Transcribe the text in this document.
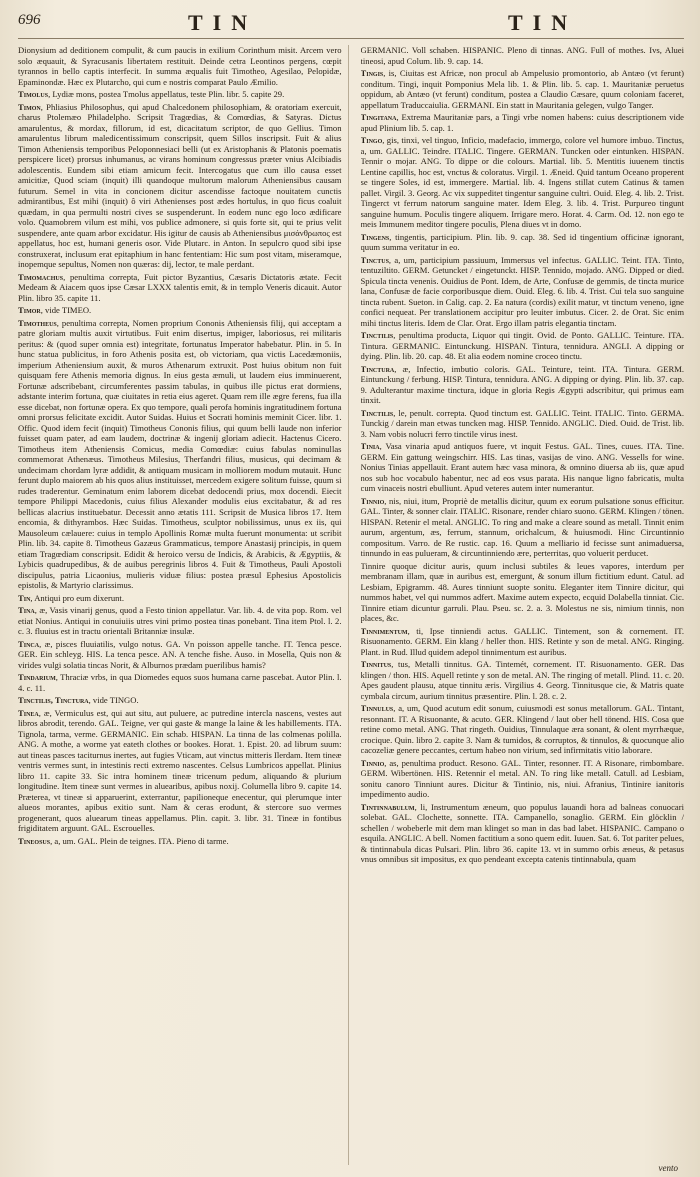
696	TIN	TIN

Dionysium ad deditionem compulit, & cum paucis in exilium Corinthum misit. Arcem vero solo æquauit, & Syracusanis libertatem restituit. Deinde cetra Leontinos pergens, cœpit tyrannos in bello captis interfecit. In summa æqualis fuit Timotheo, Agesilao, Pelopidæ, Epaminondæ. Hæc ex Plutarcho, qui cum e nostris comparat Paulo Æmilio.

Timolus, Lydiæ mons, postea Tmolus appellatus, teste Plin. libr. 5. capite 29.

Timon, Phliasius Philosophus, qui apud Chalcedonem philosophiam, & oratoriam exercuit, charus Ptolemæo Philadelpho. Scripsit Tragœdias, & Comœdias, & Satyras. Dictus amarulentus, & mordax, fillorum, id est, dicacitatum scriptor, de quo Gellius. Timon amarulentus librum maledicentissimum conscripsit, quem Sillos inscripsit. Fuit & alius Timon Atheniensis temporibus Peloponnesiaci belli (ut ex Aristophanis & Platonis poematis perspicere licet) prorsus inhumanus, ac virans hominum congressus præter vnius Alcibiadis adolescentis. Eundem sibi etiam amicum fecit. Intercogatus que cum illo causa esset amicitiæ, Quod sciam (inquit) illi quandoque multorum malorum Atheniensibus causam futurum. Semel in vita in concionem dicitur ascendisse factoque nouitatem cunctis admirantibus, Est mihi (inquit) ô viri Athenienses post ædes hortulus, in quo ficus coaluit quædam, in qua permulti nostri cives se suspenderunt. In eodem nunc ego loco ædificare volo. Quamobrem vilum est mihi, vos publice admonere, si quis forte sit, qui te prius velit suspendere, ante quam arbor excidatur. His igitur de causis ab Atheniensibus μισάνθρωπος est appellatus, hoc est, humani generis osor. Vide Plutarc. in Anton. In sepulcro quod sibi ipse construxerat, inclusum erat epitaphium in hanc fententiam: Hic sum post vitam, miseramque, inopemque sepultus, Nomen non quæras: dij, lector, te male perdant.

Timomachus, penultima correpta, Fuit pictor Byzantius, Cæsaris Dictatoris ætate. Fecit Medeam & Aiacem quos ipse Cæsar LXXX talentis emit, & in templo Veneris dicauit. Autor Plin. libro 35. capite 11.

Timor, vide TIMEO.

Timotheus, penultima correpta, Nomen proprium Cononis Atheniensis filij, qui acceptam a patre gloriam multis auxit virtutibus. Fuit enim disertus, impiger, laboriosus, rei militaris peritus: & (quod super omnia est) integritate, fortunatus Imperator habebatur. Plin. in 5. In hunc statua publicitus, in foro Athenis posita est, ob victoriam, qua victis Lacedæmoniis, imperium Atheniensium auxit, & muros Athenarum extruxit. Post huius obitum non fuit quisquam fere Athenis memoria dignus. In eius gesta æmuli, ut laudem eius imminuerent, Fortunæ adscribebant, circumferentes passim tabulas, in quibus ille pictus erat dormiens, adstante interim fortuna, quæ ciuitates in retia eius ageret. Quam rem ille ægre ferens, fua illa esse dicebat, non fortunæ opera. Ex quo tempore, quali perofa hominis ingratitudinem fortuna omni prorsus felicitate excidit. Autor Suidas. Huius et Socrati hominis meminit Cicer. libr. 1. Offic. Quod idem fecit (inquit) Timotheus Cononis filius, qui quum belli laude non inferior fuisset quam pater, ad eam laudem, doctrinæ & ingenij gloriam adiecit. Hactenus Cicero. Timotheus item Atheniensis Comicus, media Comœdiæ: cuius fabulas nominullas commemorat Athenæus. Timotheus Milesius, Therfandri filius, musicus, qui decimam & undecimam chordam lyræ addidit, & antiquam musicam in molliorem modum mutauit. Hunc ferunt duplo maiorem ab his quos alius instituisset, mercedem exigere solitum fuisse, quum si rudes traderentur. Geminatum enim laborem dicebat dedocendi prius, mox docendi. Eiecit tempore Philippi Macedonis, cuius filius Alexander modulis eius excitabatur, & ad res bellicas alacrius instituebatur. Decessit anno ætatis 111. Scripsit de Musica libros 17. Item encomia, & dithyrambos. Hæc Suidas. Timotheus, sculptor nobilissimus, unus ex iis, qui Mausoleum cælauere: cuius in templo Apollinis Romæ multa fuerunt monumenta: ut scribit Plin. lib. 34. capite 8. Timotheus Gazæus Grammaticus, tempore Anastasij principis, in quem etiam Tragœdiam conscripsit. Edidit & heroico versu de Indicis, & Arabicis, & Ægyptiis, & Lybicis quadrupedibus, & de auibus peregrinis libros 4. Fuit & Timotheus, Pauli Apostoli discipulus, patria Licaonius, mulieris viduæ filius: postea præsul Ephesius Apostolicis epistolis, & Martyrio clarissimus.

Tin, Antiqui pro eum dixerunt.

Tina, æ, Vasis vinarij genus, quod a Festo tinion appellatur. Var. lib. 4. de vita pop. Rom. vel etiat Nonius. Antiqui in conuiuiis utres vini primo postea tinas ponebant. Tina item Ptol. l. 2. c. 3. fluuius est in tractu orientali Britanniæ insulæ.

Tinca, æ, pisces fluuiatilis, vulgo notus. GA. Vn poisson appelle tanche. IT. Tenca pesce. GER. Ein schleyg. HIS. La tenca pesce. AN. A tenche fishe. Auso. in Mosella, Quis non & virides vulgi solatia tincas Norit, & Alburnos prædam puerilibus hamis?

Tindarium, Thraciæ vrbs, in qua Diomedes equos suos humana carne pascebat. Autor Plin. l. 4. c. 11.

Tinctilis, Tinctura, vide TINGO.

Tinea, æ, Vermiculus est, qui aut situ, aut puluere, ac putredine intercla nascens, vestes aut libros abrodit, terendo. GAL. Teigne, ver qui gaste & mange la laine & les habillements. ITA. Tignola, tarma, verme. GERMANIC. Ein schab. HISPAN. La tinna de las colmenas polilla. ANG. A mothe, a worme yat eateth clothes or bookes. Horat. 1. Epist. 20. ad librum suum: aut tineas pasces taciturnus inertes, aut fugies Vticam, aut vinctus mitteris Ilerdam. Item tineæ ventris vermes sunt, in intestinis recti extremo nascentes. Celsus Lumbricos appellat. Plinius libro 11. capite 33. Sic intra hominem tineæ tricenum pedum, aliquando & plurium longitudine. Item tineæ sunt vermes in aluearibus, apibus noxij. Columella libro 9. capite 14. Præterea, vt tineæ si apparuerint, exterrantur, papilioneque enecentur, qui plerumque inter alueos morantes, apibus exitio sunt. Nam & ceras erodunt, & stercore suo vermes progenerant, quos aluearum tineas appellamus. Plin. capit. 3. libr. 31. Tineæ in fontibus frigiditatem arguunt. GAL. Escrouelles.

Tineosus, a, um. GAL. Plein de teignes. ITA. Pieno di tarme.

GERMANIC. Voll schaben. HISPANIC. Pleno di tinnas. ANG. Full of mothes. Ivs, Aluei tineosi, apud Colum. lib. 9. cap. 14.

Tingis, is, Ciuitas est Africæ, non procul ab Ampelusio promontorio, ab Antæo (vt ferunt) conditum. Tingi, inquit Pomponius Mela lib. 1. & Plin. lib. 5. cap. 1. Mauritaniæ peruetus oppidum, ab Antæo (vt ferunt) conditum, postea a Claudio Cæsare, quum coloniam faceret, appellatum Traduccaiulia. GERMANI. Ein statt in Mauritania gelegen, vulgo Tanger.

Tingitana, Extrema Mauritaniæ pars, a Tingi vrbe nomen habens: cuius descriptionem vide apud Plinium lib. 5. cap. 1.

Tingo, gis, tinxi, vel tinguo, Inficio, madefacio, immergo, colore vel humore imbuo. Tinctus, a, um. GALLIC. Teindre. ITALIC. Tingere. GERMAN. Tuncken oder eintunken. HISPAN. Tennir o mojar. ANG. To dippe or die colours. Martial. lib. 5. Mentitis iuuenem tinctis Lentine capillis, hoc est, vnctus & coloratus. Virgil. 1. Æneid. Quid tantum Oceano properent se tingere Soles, id est, immergere. Martial. lib. 4. Ingens stillat cutem Catinus & tamen pallet. Virgil. 3. Georg. Ac vix suppeditet tingentur sanguine cultri. Ouid. Eleg. 4. lib. 2. Trist. Tingerct vt ferrum natorum sanguine mater. Idem Eleg. 3. lib. 4. Trist. Purpureo tingunt sanguine humum. Poculis tingere aliquem. Irrigare mero. Horat. 4. Carm. Od. 12. non ego te meis Immunem meditor tingere poculis, Plena diues vt in domo.

Tingens, tingentis, participium. Plin. lib. 9. cap. 38. Sed id tingentium officinæ ignorant, quum summa veritatur in eo.

Tinctus, a, um, participium passiuum, Immersus vel infectus. GALLIC. Teint. ITA. Tinto, tentuziltito. GERM. Getuncket / eingetunckt. HISP. Tennido, mojado. ANG. Dipped or died. Spicula tincta venenis. Ouidius de Pont. Idem, de Arte, Confusæ de gemmis, de tincta murice lana, Confusæ de facie corporibusque diem. Ouid. Eleg. 6. lib. 4. Trist. Cui tela suo sanguine tincta rubent. Sueton. in Calig. cap. 2. Ea natura (cordis) exilit matur, vt tinctum veneno, igne confici nequeat. Per translationem accipitur pro leuiter imbutus. Cicer. 2. de Orat. Sic enim mihi tinctus literis. Idem de Clar. Orat. Ergo illam patris elegantia tinctam.

Tinctilis, penultima producta, Liquor qui tingit. Ovid. de Ponto. GALLIC. Teinture. ITA. Tintura. GERMANIC. Eintunckung. HISPAN. Tintura, tennidura. ANGLI. A dipping or dying. Plin. lib. 20. cap. 48. Et alia eodem nomine croceo tinctu.

Tinctura, æ, Infectio, imbutio coloris. GAL. Teinture, teint. ITA. Tintura. GERM. Eintunckung / ferbung. HISP. Tintura, tennidura. ANG. A dipping or dying. Plin. lib. 37. cap. 9. Adulterantur maxime tinctura, idque in gloria Regis Ægypti adscribitur, qui primus eam tinxit.

Tinctilis, le, penult. correpta. Quod tinctum est. GALLIC. Teint. ITALIC. Tinto. GERMA. Tunckig / darein man etwas tuncken mag. HISP. Tennido. ANGLIC. Died. Ouid. de Trist. lib. 3. Nam vobis nolucri ferro tinctile virus inest.

Tinia, Vasa vinaria apud antiquos fuere, vt inquit Festus. GAL. Tines, cuues. ITA. Tine. GERM. Ein gattung weingschirr. HIS. Las tinas, vasijas de vino. ANG. Vessells for wine. Nonius Tinias appellauit. Erant autem hæc vasa minora, & omnino diuersa ab iis, quæ apud nos sub hoc vocabulo habentur, nec ad eos vsus parata. His nanque ligno fabricatis, multa cum vinaceis nostri ebulliunt. Apud veteres autem inter numerantur.

Tinnio, nis, niui, itum, Propriè de metallis dicitur, quum ex eorum pulsatione sonus efficitur. GAL. Tinter, & sonner clair. ITALIC. Risonare, render chiaro suono. GERM. Klingen / tönen. HISPAN. Retenir el metal. ANGLIC. To ring and make a cleare sound as metall. Tinnit enim aurum, argentum, æs, ferrum, stannum, orichalcum, & huiusmodi. Hinc Circuntinnio compositum. Varro. de Re rustic. cap. 16. Quum a melliario id fecisse sunt animaduersa, tinnundo in eas pulueram, & circuntinniendo ære, perterritas, quo voluerit perducet.

Tinnire quoque dicitur auris, quum inclusi subtiles & leues vapores, interdum per membranam illam, quæ in auribus est, emergunt, & sonum illum fictitium edunt. Catul. ad Lesbiam, Epigramm. 48. Aures tinniunt suopte sonitu. Eleganter item Tinnire dicitur, qui nummos habet, vel qui nummos adfert. Maxime autem expecto, ecquid Dolabella tinniat. Cic. Tinnire etiam dicuntur garruli. Plau. Pseu. sc. 2. a. 3. Molestus ne sis, nimium tinnis, non places, &c.

Tinnimentum, ti, Ipse tinniendi actus. GALLIC. Tintement, son & cornement. IT. Risuonamento. GERM. Ein klang / heller thon. HIS. Retinte y son de metal. ANG. Ringing. Plant. in Rud. Illud quidem adepol tinnimentum est auribus.

Tinnitus, tus, Metalli tinnitus. GA. Tintemét, cornement. IT. Risuonamento. GER. Das klingen / thon. HIS. Aquell retinte y son de metal. AN. The ringing of metall. Plind. 11. c. 20. Apes gaudent plausu, atque tinnitu æris. Virgilius 4. Georg. Tinnitusque cie, & Matris quate cymbala circum, aurium tinnitus præsentire. Plin. l. 28. c. 2.

Tinnulus, a, um, Quod acutum edit sonum, cuiusmodi est sonus metallorum. GAL. Tintant, resonnant. IT. A Risuonante, & acuto. GER. Klingend / laut ober hell tönend. HIS. Cosa que retine como metal. ANG. That ringeth. Ouidius, Tinnulaque æra sonant, & olent myrrhæque, crocique. Quin. libro 2. capite 3. Nam & tumidos, & corruptos, & tinnulos, & quocunque alio cacozeliæ genere peccantes, certum habeo non virium, sed infirmitatis vitio laborare.

Tinnio, as, penultima product. Resono. GAL. Tinter, resonner. IT. A Risonare, rimbombare. GERM. Wibertönen. HIS. Retennir el metal. AN. To ring like metall. Catull. ad Lesbiam, sonitu canoro Tinniunt aures. Dicitur & Tintinio, nis, niui. Afranius, Tintinire ianitoris impedimento audio.

Tintinnabulum, li, Instrumentum æneum, quo populus lauandi hora ad balneas conuocari solebat. GAL. Clochette, sonnette. ITA. Campanello, sonaglio. GERM. Ein glöcklin / schellen / wobeberle mit dem man klinget so man in das bad labet. HISPANIC. Campano o esquila. ANGLIC. A bell. Nomen factitium a sono quem edit. Iuuen. Sat. 6. Tot pariter pelues, & tintinnabula dicas Pulsari. Plin. libro 36. capite 13. vt in summo orbis æneus, & petasus vnus omnibus sit impositus, ex quo pendeant excepta catenis tintinnabula, quam

vento
